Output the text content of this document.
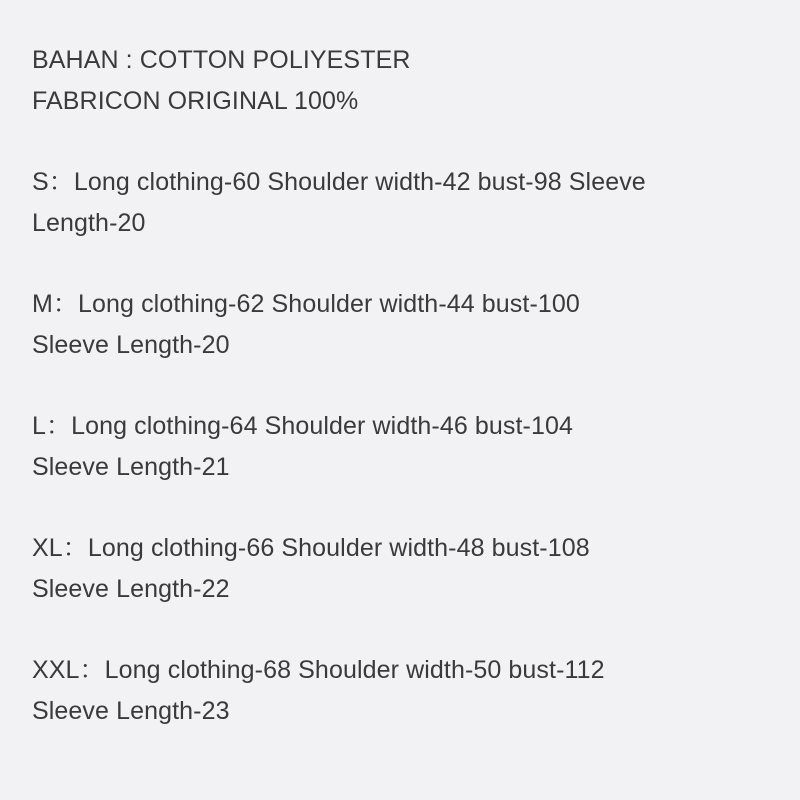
BAHAN : COTTON POLIYESTER
FABRICON ORIGINAL 100%
S：Long clothing-60 Shoulder width-42 bust-98 Sleeve
Length-20
M：Long clothing-62 Shoulder width-44 bust-100
Sleeve Length-20
L：Long clothing-64 Shoulder width-46 bust-104
Sleeve Length-21
XL：Long clothing-66 Shoulder width-48 bust-108
Sleeve Length-22
XXL：Long clothing-68 Shoulder width-50 bust-112
Sleeve Length-23
